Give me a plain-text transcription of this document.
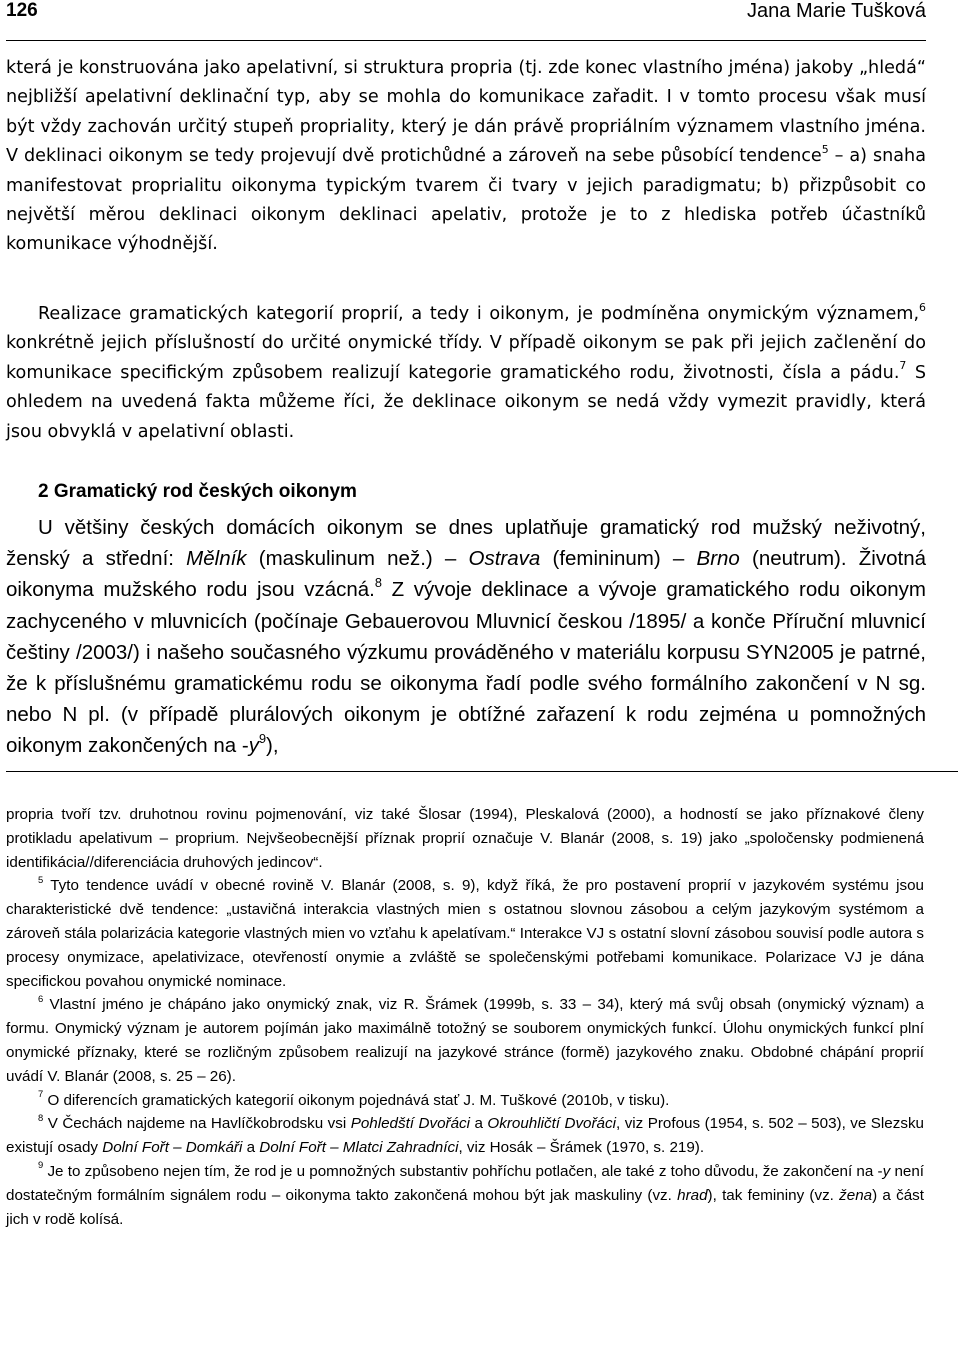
126	Jana Marie Tušková

která je konstruována jako apelativní, si struktura propria (tj. zde konec vlastního jména) jakoby „hledá“ nejbližší apelativní deklinační typ, aby se mohla do komunikace zařadit. I v tomto procesu však musí být vždy zachován určitý stupeň propriality, který je dán právě propriálním významem vlastního jména. V deklinaci oikonym se tedy projevují dvě protichůdné a zároveň na sebe působící tendence$^5$ – a) snaha manifestovat proprialitu oikonyma typickým tvarem či tvary v jejich paradigmatu; b) přizpůsobit co největší měrou deklinaci oikonym deklinaci apelativ, protože je to z hlediska potřeb účastníků komunikace výhodnější.

Realizace gramatických kategorií proprií, a tedy i oikonym, je podmíněna onymickým významem,$^6$ konkrétně jejich příslušností do určité onymické třídy. V případě oikonym se pak při jejich začlenění do komunikace specifickým způsobem realizují kategorie gramatického rodu, životnosti, čísla a pádu.$^7$ S ohledem na uvedená fakta můžeme říci, že deklinace oikonym se nedá vždy vymezit pravidly, která jsou obvyklá v apelativní oblasti.

2 Gramatický rod českých oikonym

U většiny českých domácích oikonym se dnes uplatňuje gramatický rod mužský neživotný, ženský a střední: Mělník (maskulinum než.) – Ostrava (femininum) – Brno (neutrum). Životná oikonyma mužského rodu jsou vzácná.$^8$ Z vývoje deklinace a vývoje gramatického rodu oikonym zachyceného v mluvnicích (počínaje Gebauerovou Mluvnicí českou /1895/ a konče Příruční mluvnicí češtiny /2003/) i našeho současného výzkumu prováděného v materiálu korpusu SYN2005 je patrné, že k příslušnému gramatickému rodu se oikonyma řadí podle svého formálního zakončení v N sg. nebo N pl. (v případě plurálových oikonym je obtížné zařazení k rodu zejména u pomnožných oikonym zakončených na $-y^9$),

propria tvoří tzv. druhotnou rovinu pojmenování, viz také Šlosar (1994), Pleskalová (2000), a hodností se jako příznakové členy protikladu apelativum – proprium. Nejvšeobecnější příznak proprií označuje V. Blanár (2008, s. 19) jako „spoločensky podmienená identifikácia//diferenciácia druhových jedincov“.

$^5$ Tyto tendence uvádí v obecné rovině V. Blanár (2008, s. 9), když říká, že pro postavení proprií v jazykovém systému jsou charakteristické dvě tendence: „ustavičná interakcia vlastných mien s ostatnou slovnou zásobou a celým jazykovým systémom a zároveň stála polarizácia kategorie vlastných mien vo vzťahu k apelatívam.“ Interakce VJ s ostatní slovní zásobou souvisí podle autora s procesy onymizace, apelativizace, otevřeností onymie a zvláště se společenskými potřebami komunikace. Polarizace VJ je dána specifickou povahou onymické nominace.

$^6$ Vlastní jméno je chápáno jako onymický znak, viz R. Šrámek (1999b, s. 33 – 34), který má svůj obsah (onymický význam) a formu. Onymický význam je autorem pojímán jako maximálně totožný se souborem onymických funkcí. Úlohu onymických funkcí plní onymické příznaky, které se rozličným způsobem realizují na jazykové stránce (formě) jazykového znaku. Obdobné chápání proprií uvádí V. Blanár (2008, s. 25 – 26).

$^7$ O diferencích gramatických kategorií oikonym pojednává stať J. M. Tuškové (2010b, v tisku).

$^8$ V Čechách najdeme na Havlíčkobrodsku vsi Pohledští Dvořáci a Okrouhličtí Dvořáci, viz Profous (1954, s. 502 – 503), ve Slezsku existují osady Dolní Fořt – Domkáři a Dolní Fořt – Mlatci Zahradníci, viz Hosák – Šrámek (1970, s. 219).

$^9$ Je to způsobeno nejen tím, že rod je u pomnožných substantiv pohříchu potlačen, ale také z toho důvodu, že zakončení na -y není dostatečným formálním signálem rodu – oikonyma takto zakončená mohou být jak maskuliny (vz. hrad), tak femininy (vz. žena) a část jich v rodě kolísá.
